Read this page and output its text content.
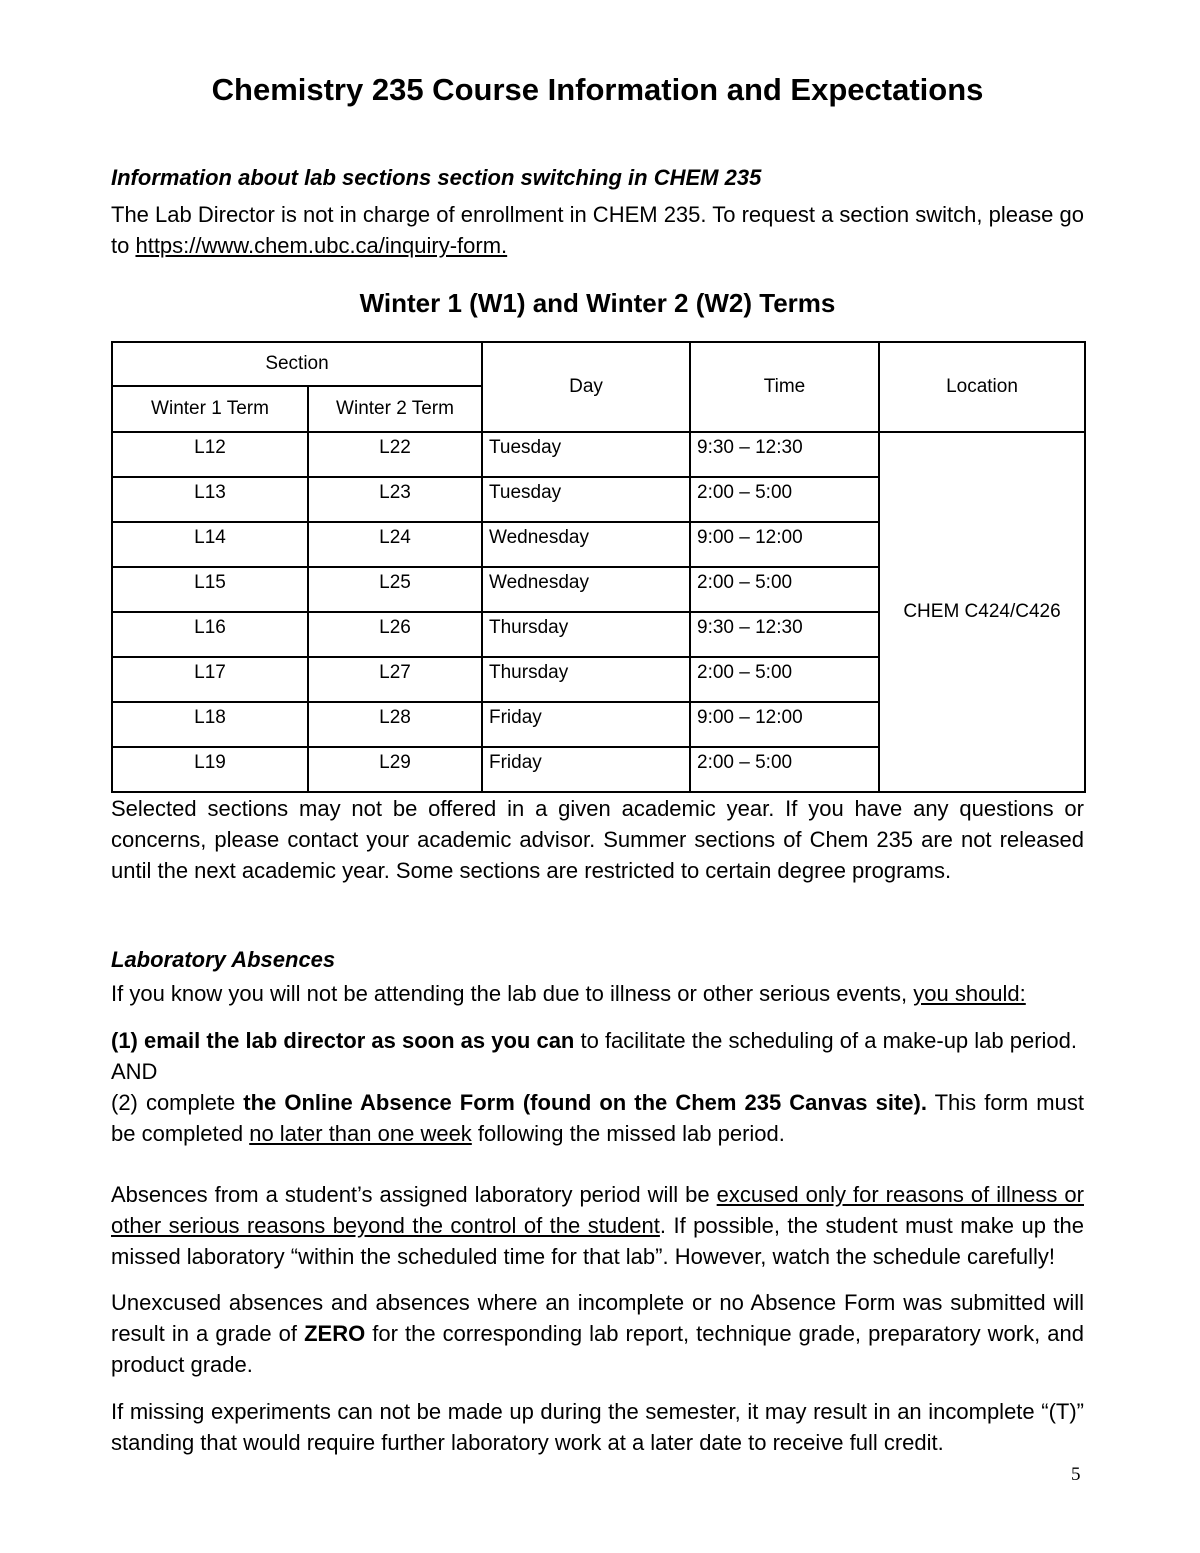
Chemistry 235 Course Information and Expectations

Information about lab sections section switching in CHEM 235

The Lab Director is not in charge of enrollment in CHEM 235. To request a section switch, please go to https://www.chem.ubc.ca/inquiry-form.

Winter 1 (W1) and Winter 2 (W2) Terms
Section		Day	Time	Location
Winter 1 Term	Winter 2 Term			
L12	L22	Tuesday	9:30 – 12:30	CHEM C424/C426
L13	L23	Tuesday	2:00 – 5:00	
L14	L24	Wednesday	9:00 – 12:00	
L15	L25	Wednesday	2:00 – 5:00	
L16	L26	Thursday	9:30 – 12:30	
L17	L27	Thursday	2:00 – 5:00	
L18	L28	Friday	9:00 – 12:00	
L19	L29	Friday	2:00 – 5:00	

Selected sections may not be offered in a given academic year. If you have any questions or concerns, please contact your academic advisor. Summer sections of Chem 235 are not released until the next academic year. Some sections are restricted to certain degree programs.

Laboratory Absences

If you know you will not be attending the lab due to illness or other serious events, you should:

(1) email the lab director as soon as you can to facilitate the scheduling of a make-up lab period.
AND

(2) complete the Online Absence Form (found on the Chem 235 Canvas site). This form must be completed no later than one week following the missed lab period.

Absences from a student’s assigned laboratory period will be excused only for reasons of illness or other serious reasons beyond the control of the student. If possible, the student must make up the missed laboratory “within the scheduled time for that lab”. However, watch the schedule carefully!

Unexcused absences and absences where an incomplete or no Absence Form was submitted will result in a grade of ZERO for the corresponding lab report, technique grade, preparatory work, and product grade.

If missing experiments can not be made up during the semester, it may result in an incomplete “(T)” standing that would require further laboratory work at a later date to receive full credit.

5
